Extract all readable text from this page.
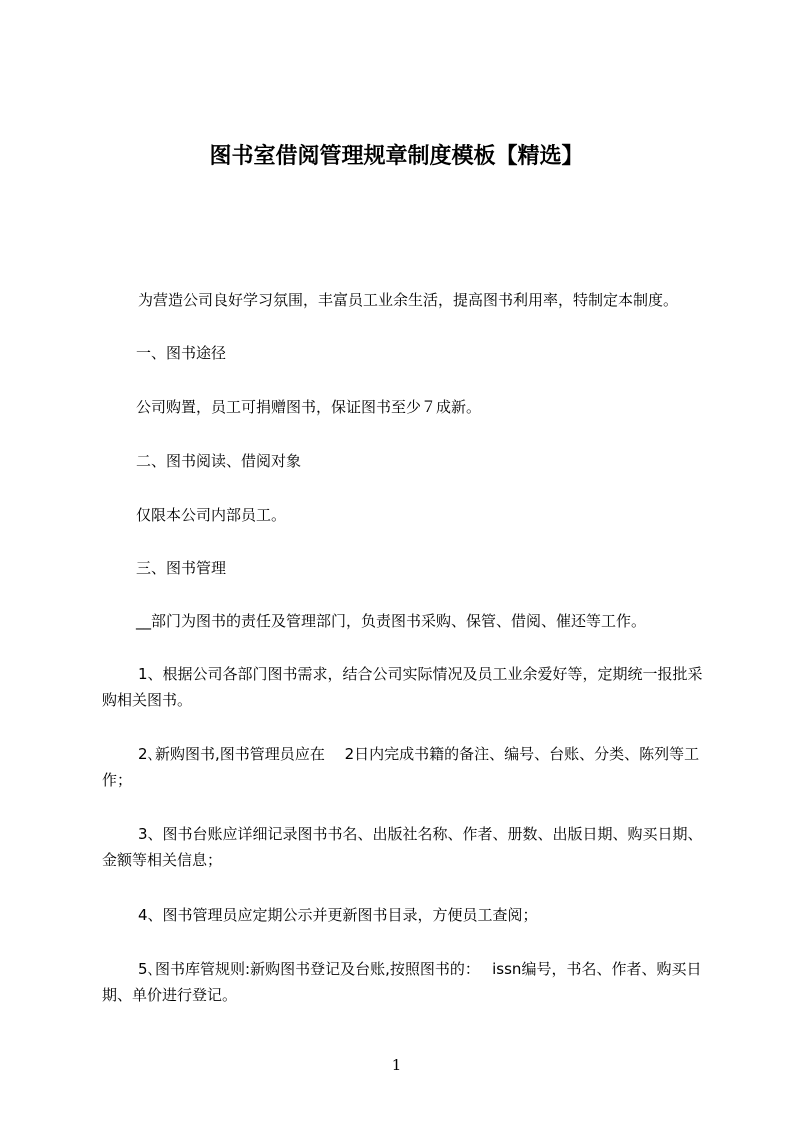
图书室借阅管理规章制度模板【精选】
为营造公司良好学习氛围，丰富员工业余生活，提高图书利用率，特制定本制度。
一、图书途径
公司购置，员工可捐赠图书，保证图书至少７成新。
二、图书阅读、借阅对象
仅限本公司内部员工。
三、图书管理
__部门为图书的责任及管理部门，负责图书采购、保管、借阅、催还等工作。
1、根据公司各部门图书需求，结合公司实际情况及员工业余爱好等，定期统一报批采购相关图书。
2､新购图书,图书管理员应在　 2日内完成书籍的备注、编号、台账、分类、陈列等工作；
3、图书台账应详细记录图书书名、出版社名称、作者、册数、出版日期、购买日期、金额等相关信息；
4、图书管理员应定期公示并更新图书目录，方便员工查阅；
5､图书库管规则:新购图书登记及台账,按照图书的：　 issn编号，书名、作者、购买日期、单价进行登记。
1
